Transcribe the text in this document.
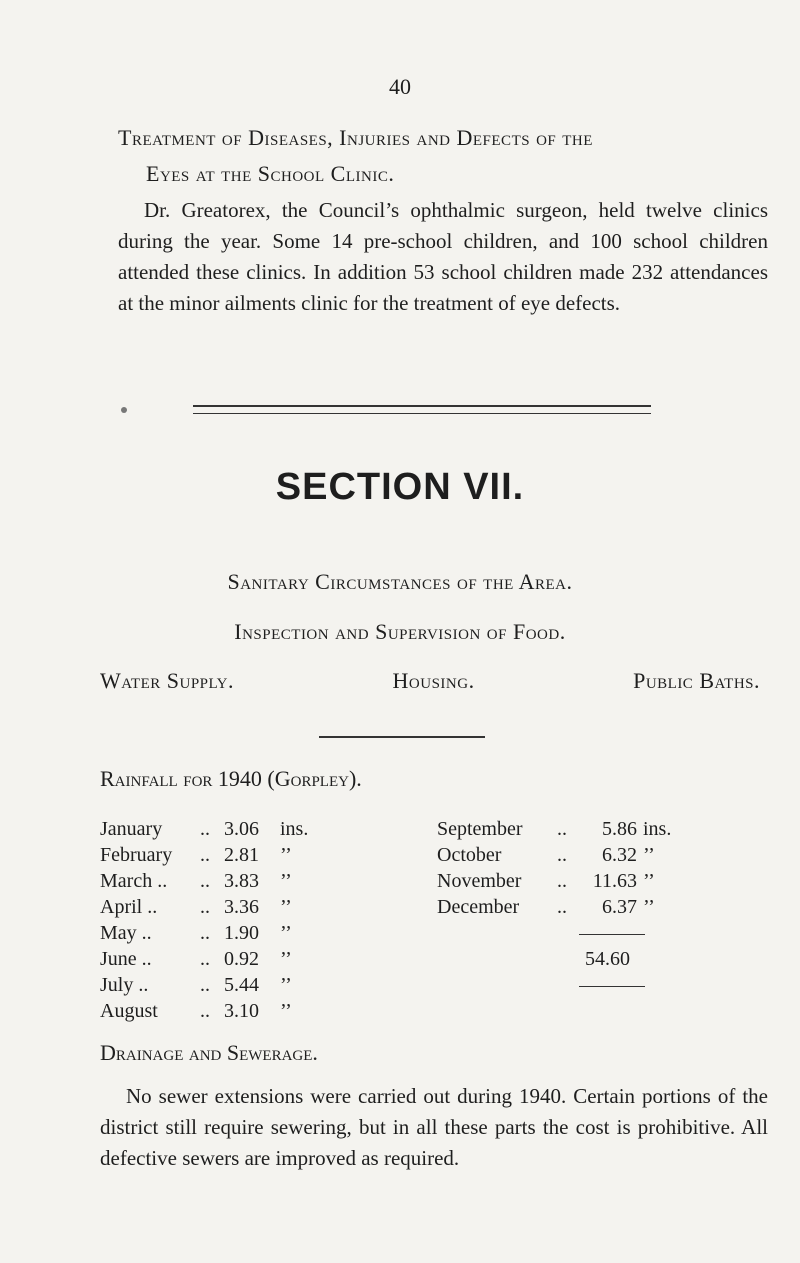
40
Treatment of Diseases, Injuries and Defects of the
Eyes at the School Clinic.

Dr. Greatorex, the Council’s ophthalmic surgeon, held twelve clinics during the year. Some 14 pre-school children, and 100 school children attended these clinics. In addition 53 school children made 232 attendances at the minor ailments clinic for the treatment of eye defects.

SECTION VII.
Sanitary Circumstances of the Area.
Inspection and Supervision of Food.
Water Supply.	Housing.	Public Baths.
Rainfall for 1940 (Gorpley).
January	..	3.06	ins.
February	..	2.81	’’
March ..	..	3.83	’’
April ..	..	3.36	’’
May ..	..	1.90	’’
June ..	..	0.92	’’
July ..	..	5.44	’’
August	..	3.10	’’
September	..	5.86	ins.
October	..	6.32	’’
November	..	11.63	’’
December	..	6.37	’’

		54.60	

Drainage and Sewerage.

No sewer extensions were carried out during 1940. Certain portions of the district still require sewering, but in all these parts the cost is prohibitive. All defective sewers are improved as required.
